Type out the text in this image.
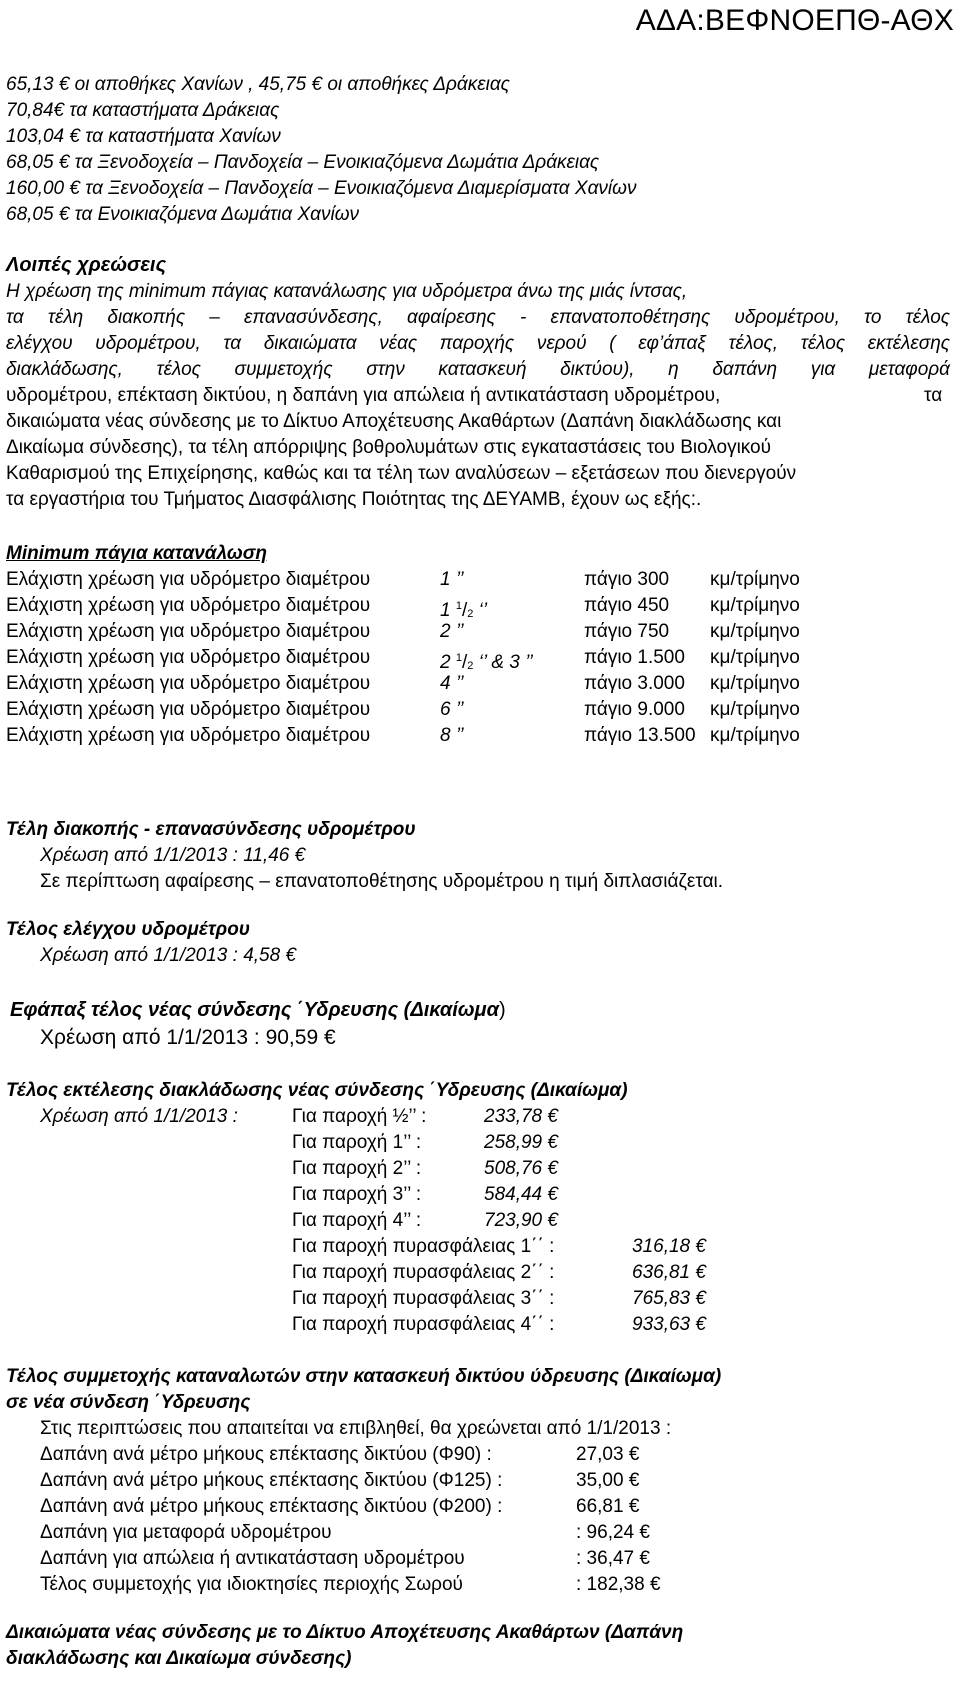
ΑΔΑ:ΒΕΦΝΟΕΠΘ-ΑΘΧ
65,13 € οι αποθήκες Χανίων , 45,75 € οι αποθήκες Δράκειας
70,84€ τα καταστήματα Δράκειας
103,04 € τα καταστήματα Χανίων
68,05 € τα Ξενοδοχεία – Πανδοχεία – Ενοικιαζόμενα Δωμάτια Δράκειας
160,00 € τα Ξενοδοχεία – Πανδοχεία – Ενοικιαζόμενα Διαμερίσματα Χανίων
68,05 € τα Ενοικιαζόμενα Δωμάτια Χανίων
Λοιπές χρεώσεις
Η χρέωση της minimum πάγιας κατανάλωσης για υδρόμετρα άνω της μιάς ίντσας,
τα τέλη διακοπής – επανασύνδεσης, αφαίρεσης - επανατοποθέτησης υδρομέτρου, το τέλος
ελέγχου υδρομέτρου, τα δικαιώματα νέας παροχής νερού ( εφ’άπαξ τέλος, τέλος εκτέλεσης
διακλάδωσης, τέλος συμμετοχής στην κατασκευή δικτύου), η δαπάνη για μεταφορά
υδρομέτρου, επέκταση δικτύου, η δαπάνη για απώλεια ή αντικατάσταση υδρομέτρου,	τα
δικαιώματα νέας σύνδεσης με το Δίκτυο Αποχέτευσης Ακαθάρτων (Δαπάνη διακλάδωσης και
Δικαίωμα σύνδεσης), τα τέλη απόρριψης βοθρολυμάτων στις εγκαταστάσεις του Βιολογικού
Καθαρισμού της Επιχείρησης, καθώς και τα τέλη των αναλύσεων – εξετάσεων που διενεργούν
τα εργαστήρια του Τμήματος Διασφάλισης Ποιότητας της ΔΕΥΑΜΒ, έχουν ως εξής:.
Minimum πάγια κατανάλωση
Ελάχιστη χρέωση για υδρόμετρο διαμέτρου	1 ’’	πάγιο 300 κμ/τρίμηνο
Ελάχιστη χρέωση για υδρόμετρο διαμέτρου	1 $^1/_2$ ‘’	πάγιο 450 κμ/τρίμηνο
Ελάχιστη χρέωση για υδρόμετρο διαμέτρου	2 ’’	πάγιο 750 κμ/τρίμηνο
Ελάχιστη χρέωση για υδρόμετρο διαμέτρου	2 $^1/_2$ ‘’ & 3 ’’	πάγιο 1.500 κμ/τρίμηνο
Ελάχιστη χρέωση για υδρόμετρο διαμέτρου	4 ’’	πάγιο 3.000 κμ/τρίμηνο
Ελάχιστη χρέωση για υδρόμετρο διαμέτρου	6 ’’	πάγιο 9.000 κμ/τρίμηνο
Ελάχιστη χρέωση για υδρόμετρο διαμέτρου	8 ’’	πάγιο 13.500 κμ/τρίμηνο
Τέλη διακοπής - επανασύνδεσης υδρομέτρου
Χρέωση από 1/1/2013 : 11,46 €
Σε περίπτωση αφαίρεσης – επανατοποθέτησης υδρομέτρου η τιμή διπλασιάζεται.
Τέλος ελέγχου υδρομέτρου
Χρέωση από 1/1/2013 : 4,58 €
Εφάπαξ τέλος νέας σύνδεσης ΄Υδρευσης (Δικαίωμα)
Χρέωση από 1/1/2013 : 90,59 €
Τέλος εκτέλεσης διακλάδωσης νέας σύνδεσης ΄Υδρευσης (Δικαίωμα)
Χρέωση από 1/1/2013 :	Για παροχή ½’’ :	233,78 €
Για παροχή 1’’ :	258,99 €
Για παροχή 2’’ :	508,76 €
Για παροχή 3’’ :	584,44 €
Για παροχή 4’’ :	723,90 €
Για παροχή πυρασφάλειας 1΄΄ :	316,18 €
Για παροχή πυρασφάλειας 2΄΄ :	636,81 €
Για παροχή πυρασφάλειας 3΄΄ :	765,83 €
Για παροχή πυρασφάλειας 4΄΄ :	933,63 €
Τέλος συμμετοχής καταναλωτών στην κατασκευή δικτύου ύδρευσης (Δικαίωμα)
σε νέα σύνδεση ΄Υδρευσης
Στις περιπτώσεις που απαιτείται να επιβληθεί, θα χρεώνεται από 1/1/2013 :
Δαπάνη ανά μέτρο μήκους επέκτασης δικτύου (Φ90) :	27,03 €
Δαπάνη ανά μέτρο μήκους επέκτασης δικτύου (Φ125) :	35,00 €
Δαπάνη ανά μέτρο μήκους επέκτασης δικτύου (Φ200) :	66,81 €
Δαπάνη για μεταφορά υδρομέτρου	: 96,24 €
Δαπάνη για απώλεια ή αντικατάσταση υδρομέτρου	: 36,47 €
Τέλος συμμετοχής για ιδιοκτησίες περιοχής Σωρού	: 182,38 €
Δικαιώματα νέας σύνδεσης με το Δίκτυο Αποχέτευσης Ακαθάρτων (Δαπάνη
διακλάδωσης και Δικαίωμα σύνδεσης)
